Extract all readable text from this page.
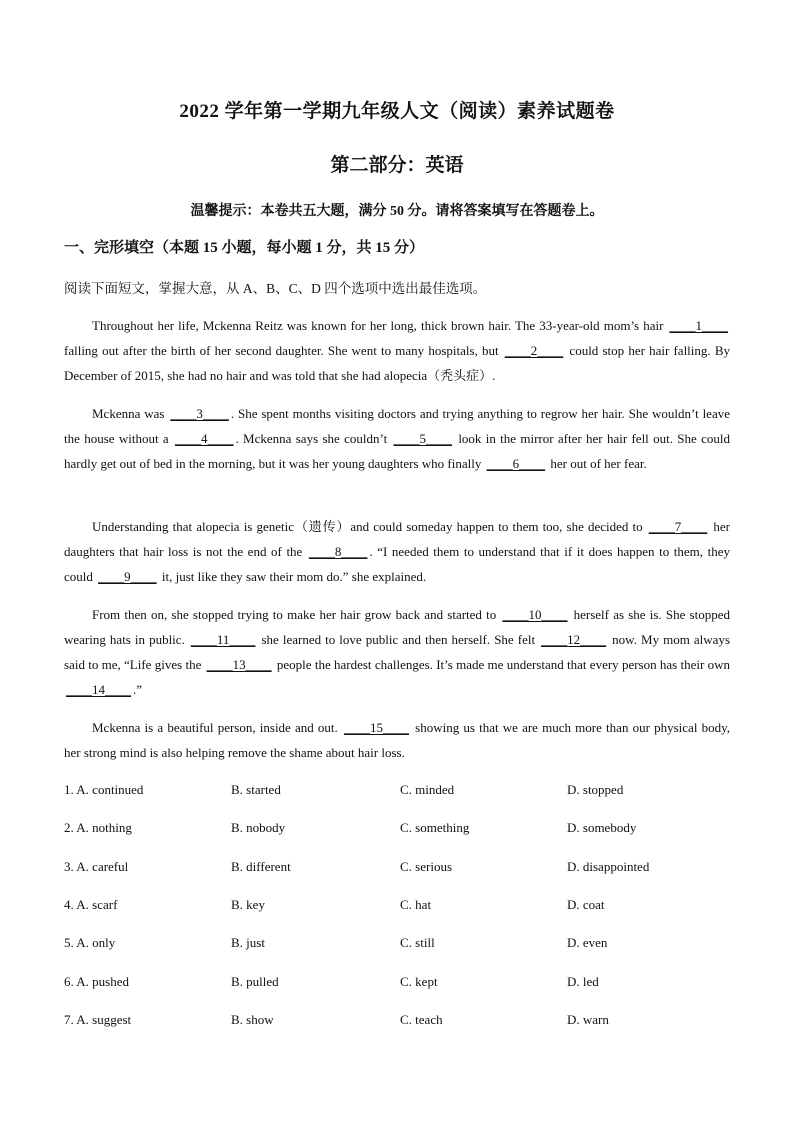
2022 学年第一学期九年级人文（阅读）素养试题卷
第二部分：英语
温馨提示：本卷共五大题，满分 50 分。请将答案填写在答题卷上。
一、完形填空（本题 15 小题，每小题 1 分，共 15 分）
阅读下面短文，掌握大意，从 A、B、C、D 四个选项中选出最佳选项。
Throughout her life, Mckenna Reitz was known for her long, thick brown hair. The 33-year-old mom’s hair ____1____ falling out after the birth of her second daughter. She went to many hospitals, but ____2____ could stop her hair falling. By December of 2015, she had no hair and was told that she had alopecia（秃头症）.
Mckenna was ____3____ . She spent months visiting doctors and trying anything to regrow her hair. She wouldn’t leave the house without a ____4____ . Mckenna says she couldn’t ____5____ look in the mirror after her hair fell out. She could hardly get out of bed in the morning, but it was her young daughters who finally ____6____ her out of her fear.
Understanding that alopecia is genetic（遗传）and could someday happen to them too, she decided to ____7____ her daughters that hair loss is not the end of the ____8____ . “I needed them to understand that if it does happen to them, they could ____9____ it, just like they saw their mom do.” she explained.
From then on, she stopped trying to make her hair grow back and started to ____10____ herself as she is. She stopped wearing hats in public. ____11____ she learned to love public and then herself. She felt ____12____ now. My mom always said to me, “Life gives the ____13____ people the hardest challenges. It’s made me understand that every person has their own ____14____ .”
Mckenna is a beautiful person, inside and out. ____15____ showing us that we are much more than our physical body, her strong mind is also helping remove the shame about hair loss.
1. A. continued	B. started	C. minded	D. stopped
2. A. nothing	B. nobody	C. something	D. somebody
3. A. careful	B. different	C. serious	D. disappointed
4. A. scarf	B. key	C. hat	D. coat
5. A. only	B. just	C. still	D. even
6. A. pushed	B. pulled	C. kept	D. led
7. A. suggest	B. show	C. teach	D. warn
